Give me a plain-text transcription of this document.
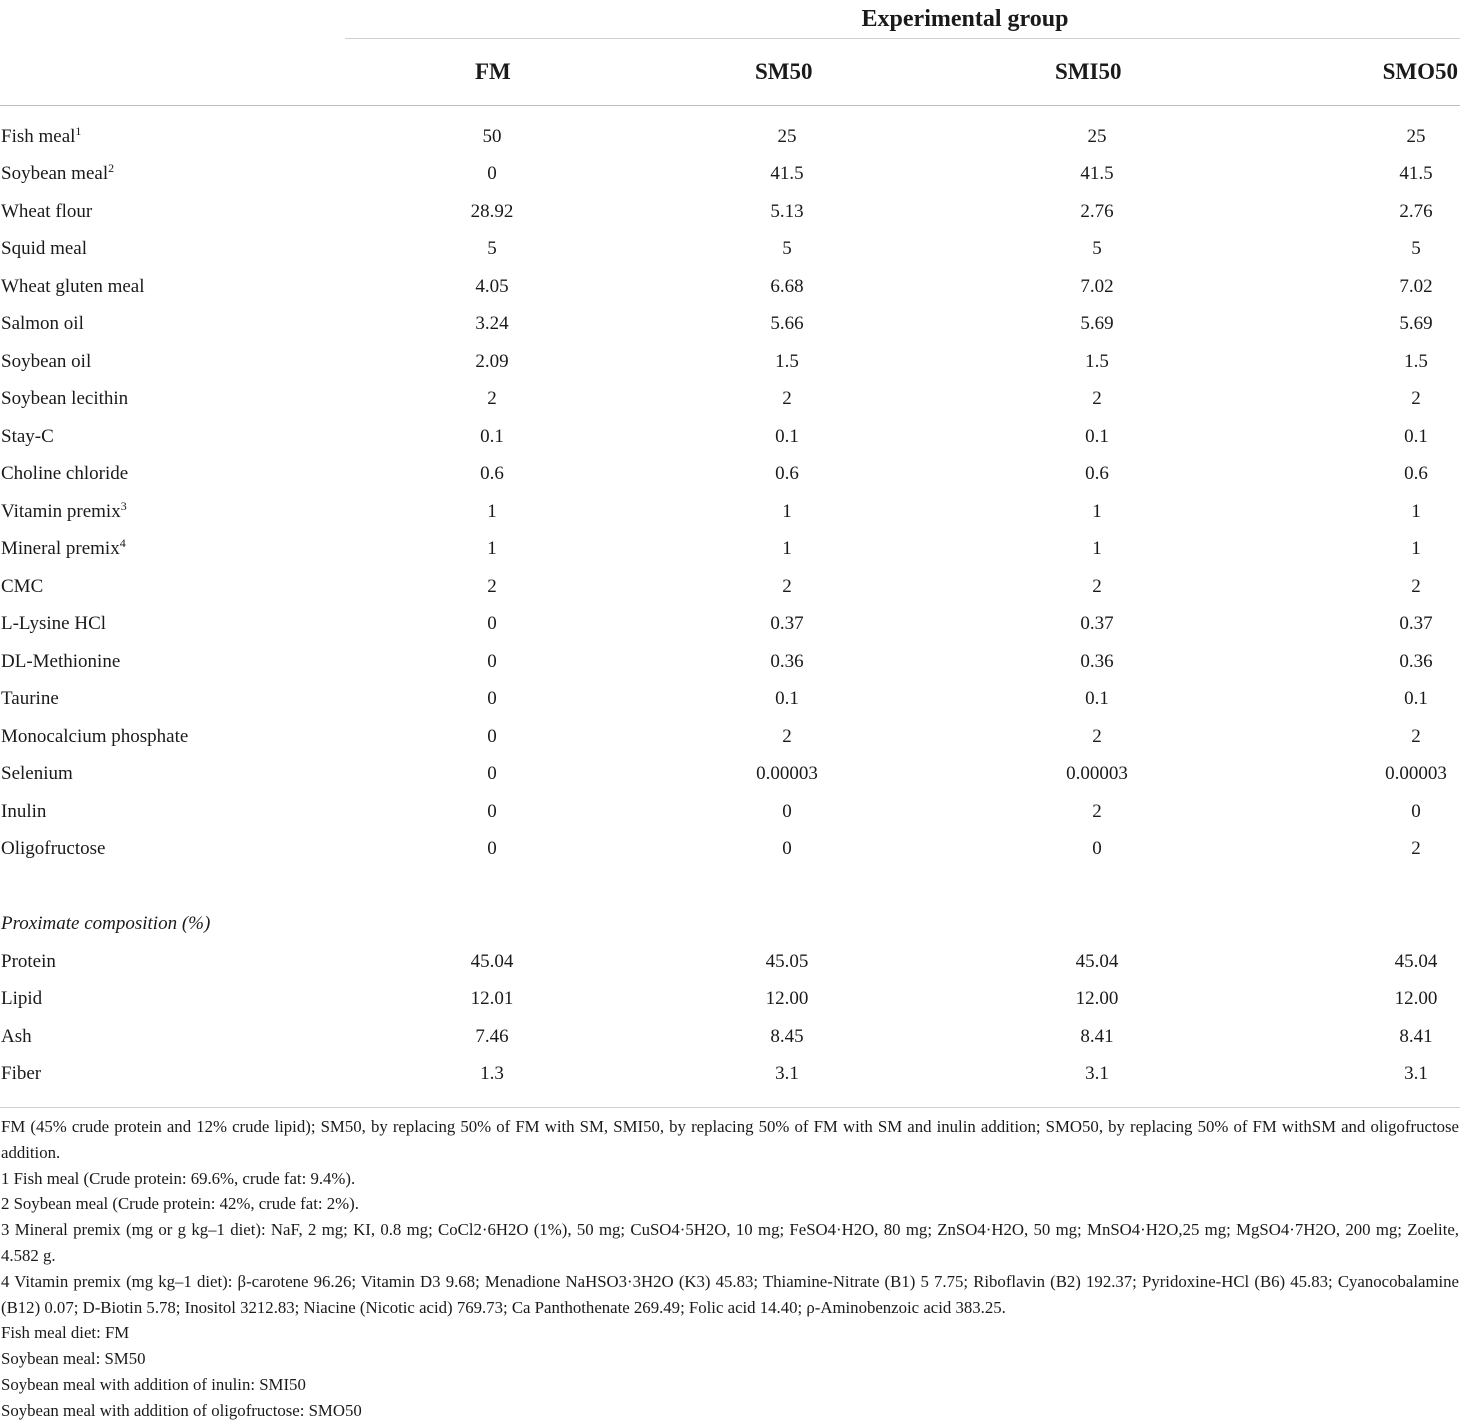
	Experimental group			
	FM	SM50	SMI50	SMO50

Fish meal$^1$	50	25	25	25
Soybean meal$^2$	0	41.5	41.5	41.5
Wheat flour	28.92	5.13	2.76	2.76
Squid meal	5	5	5	5
Wheat gluten meal	4.05	6.68	7.02	7.02
Salmon oil	3.24	5.66	5.69	5.69
Soybean oil	2.09	1.5	1.5	1.5
Soybean lecithin	2	2	2	2
Stay-C	0.1	0.1	0.1	0.1
Choline chloride	0.6	0.6	0.6	0.6
Vitamin premix$^3$	1	1	1	1
Mineral premix$^4$	1	1	1	1
CMC	2	2	2	2
L-Lysine HCl	0	0.37	0.37	0.37
DL-Methionine	0	0.36	0.36	0.36
Taurine	0	0.1	0.1	0.1
Monocalcium phosphate	0	2	2	2
Selenium	0	0.00003	0.00003	0.00003
Inulin	0	0	2	0
Oligofructose	0	0	0	2

Proximate composition (%)				
Protein	45.04	45.05	45.04	45.04
Lipid	12.01	12.00	12.00	12.00
Ash	7.46	8.45	8.41	8.41
Fiber	1.3	3.1	3.1	3.1

FM (45% crude protein and 12% crude lipid); SM50, by replacing 50% of FM with SM, SMI50, by replacing 50% of FM with SM and inulin addition; SMO50, by replacing 50% of FM withSM and oligofructose addition.

1 Fish meal (Crude protein: 69.6%, crude fat: 9.4%).

2 Soybean meal (Crude protein: 42%, crude fat: 2%).

3 Mineral premix (mg or g kg–1 diet): NaF, 2 mg; KI, 0.8 mg; CoCl2·6H2O (1%), 50 mg; CuSO4·5H2O, 10 mg; FeSO4·H2O, 80 mg; ZnSO4·H2O, 50 mg; MnSO4·H2O,25 mg; MgSO4·7H2O, 200 mg; Zoelite, 4.582 g.

4 Vitamin premix (mg kg–1 diet): β-carotene 96.26; Vitamin D3 9.68; Menadione NaHSO3·3H2O (K3) 45.83; Thiamine-Nitrate (B1) 5 7.75; Riboflavin (B2) 192.37; Pyridoxine-HCl (B6) 45.83; Cyanocobalamine (B12) 0.07; D-Biotin 5.78; Inositol 3212.83; Niacine (Nicotic acid) 769.73; Ca Panthothenate 269.49; Folic acid 14.40; ρ-Aminobenzoic acid 383.25.

Fish meal diet: FM

Soybean meal: SM50

Soybean meal with addition of inulin: SMI50

Soybean meal with addition of oligofructose: SMO50
